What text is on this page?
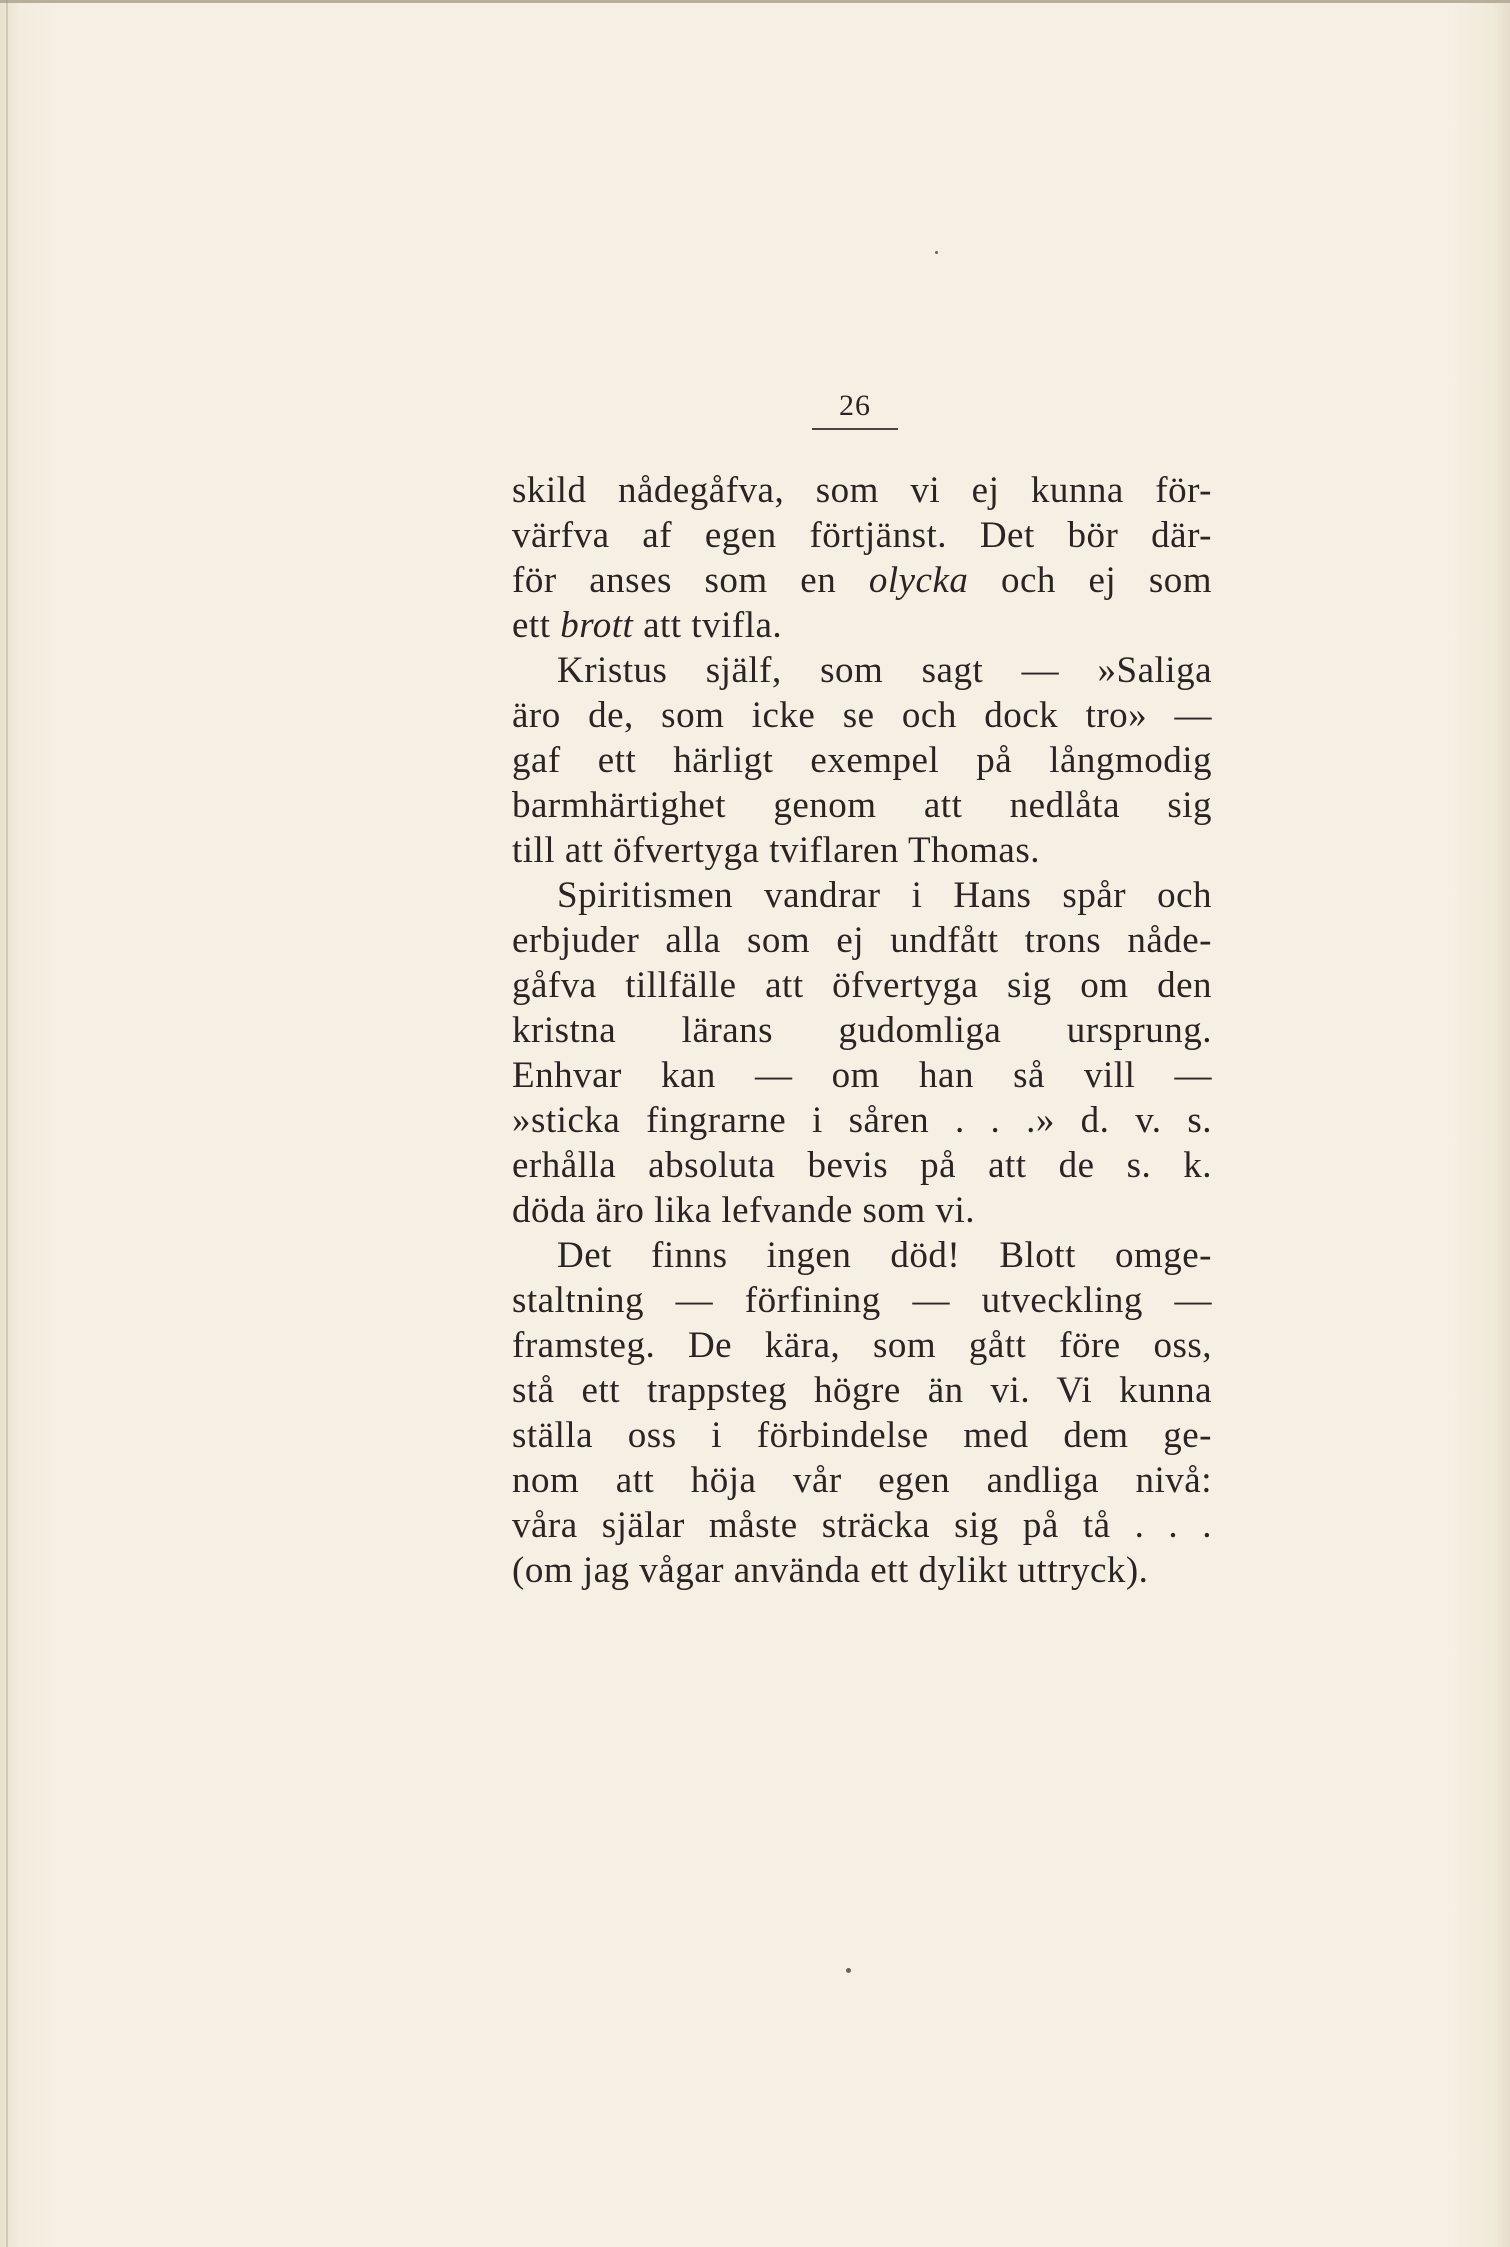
26
skild nådegåfva, som vi ej kunna för-
värfva af egen förtjänst. Det bör där-
för anses som en olycka och ej som
ett brott att tvifla.
Kristus själf, som sagt — »Saliga
äro de, som icke se och dock tro» —
gaf ett härligt exempel på långmodig
barmhärtighet genom att nedlåta sig
till att öfvertyga tviflaren Thomas.
Spiritismen vandrar i Hans spår och
erbjuder alla som ej undfått trons nåde-
gåfva tillfälle att öfvertyga sig om den
kristna lärans gudomliga ursprung.
Enhvar kan — om han så vill —
»sticka fingrarne i såren . . .» d. v. s.
erhålla absoluta bevis på att de s. k.
döda äro lika lefvande som vi.
Det finns ingen död! Blott omge-
staltning — förfining — utveckling —
framsteg. De kära, som gått före oss,
stå ett trappsteg högre än vi. Vi kunna
ställa oss i förbindelse med dem ge-
nom att höja vår egen andliga nivå:
våra själar måste sträcka sig på tå . . .
(om jag vågar använda ett dylikt uttryck).
